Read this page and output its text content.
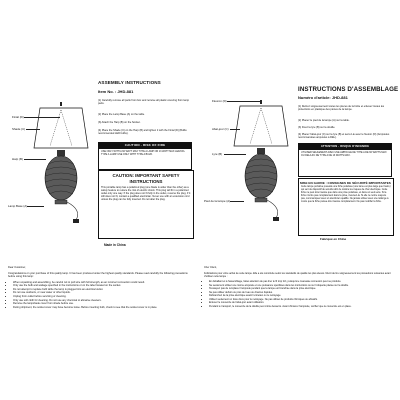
ASSEMBLY INSTRUCTIONS
Item No. : JHD-881
(1) Carefully remove all parts from box and remove all plastic covering from lamp parts.
(2) Place the Lamp Base (A) on the table.
(3) Attach the Harp (B) on the Socket.
(4) Place the Shade (C) on the Harp (B) and tighten it with the Finial (D) (Bulbs recommended LED bulbs).
Finial (D)
Shade (C)
Harp (B)
Lamp Base (A)
CAUTION - RISK OF FIRE
USE ONLY WITH A 60 WATT MAX TYPE A LAMP OR 13 WATT MAX LED/CFL TYPE A LAMP. USE ONLY WITH TYPE A BULB.
CAUTION: IMPORTANT SAFETY
INSTRUCTIONS
This portable lamp has a polarized plug (one blade is wider than the other) as a safety feature to reduce the risk of electric shock. This plug will fit in a polarized outlet only one way. If the plug does not fit fully in the outlet, reverse the plug. If it still does not fit, contact a qualified electrician. Never use with an extension cord unless the plug can be fully inserted. Do not alter the plug.
Made in China
Dear Customer,
Congratulations on your purchase of this quality lamp. It has been produced under the highest quality standards. Please read carefully the following precautions before using this lamp:
• When unpacking and assembling, be careful not to pull wire with full strength, as an incorrect connection could result.
• Only use the bulb and wattage specified in the instructions or on the label located on the socket.
• Do not attempt to replace bulb while the lamp is plugged into an electrical outlet.
• Do not use outdoors, or near water or other liquids.
• Unplug from outlet before servicing or cleaning.
• Only use soft cloth for cleaning. Do not use any chemical or abrasive cleaners.
• Remove the lampshade cover from shade before use.
• During shipment, the socket cover may have become loose. Before inserting bulb, check to see that the socket cover is in place.
INSTRUCTIONS D'ASSEMBLAGE
Numéro d'article: JHD-881
(1) Retirez soigneusement toutes les pièces de la boîte et enlevez toutes les protections en plastique des pièces de la lampe.
(2) Placez le pied de la lampe (A) sur la table.
(3) Fixez la lyre (B) sur la douille.
(4) Placez l'abat-jour (C) sur la lyre (B) et serrez-le avec le fleuron (D) (Ampoules recommandées ampoules à DEL).
Fleuron (D)
Abat-jour (C)
Lyre (B)
Pied de la lampe (A)
ATTENTION - RISQUE D'INCENDIE
UTILISER SEULEMENT AVEC UNE AMPOULE DE TYPE A DE 60 WATTS MAX OU DEL/LFC DE TYPE A DE 13 WATTS MAX.
MISE EN GARDE : CONSIGNES DE SÉCURITÉ IMPORTANTES
Cette lampe portative possède une fiche polarisée (une lame est plus large que l'autre) qui sert de dispositif de sécurité afin de réduire les risques de choc électrique. Cette fiche ne peut être insérée que dans une prise polarisée, et dans un seul sens. Si la fiche n'entre pas complètement dans la prise, inversez-la. Si elle ne rentre toujours pas, communiquez avec un électricien qualifié. Ne jamais utiliser avec une rallonge à moins que la fiche puisse être insérée complètement. Ne pas modifier la fiche.
Fabriqué en Chine
Cher Client,
Félicitations pour votre achat de cette lampe. Elle a été construite selon les standards de qualité les plus élevés. Merci de lire soigneusement les précautions suivantes avant d'utiliser cette lampe :
• En déballant et à l'assemblage, faites attention de pas tirer le fil trop fort, puisqu'une mauvaise connexion peut se produire.
• Ne seulement utiliser une même ampoule et une puissance spécifiées dans les instructions ou sur l'étiquette placée sur la douille.
• N'essayez pas de remplacer l'ampoule pendant que la lampe est branchée dans la prise électrique.
• Ne pas utiliser dehors ou près de l'eau ou d'autres liquides.
• Débranchez de la prise électrique avant l'entretien ou le nettoyage.
• Utilisez seulement un tissu doux pour le nettoyage. Ne pas utiliser de produits chimiques ou abrasifs.
• Enlevez le couvercle de l'abat-jour avant utilisation.
• Pendant le transport, le couvercle de la douille peut s'être desserré. Avant d'insérer l'ampoule, vérifiez que le couvercle est en place.
